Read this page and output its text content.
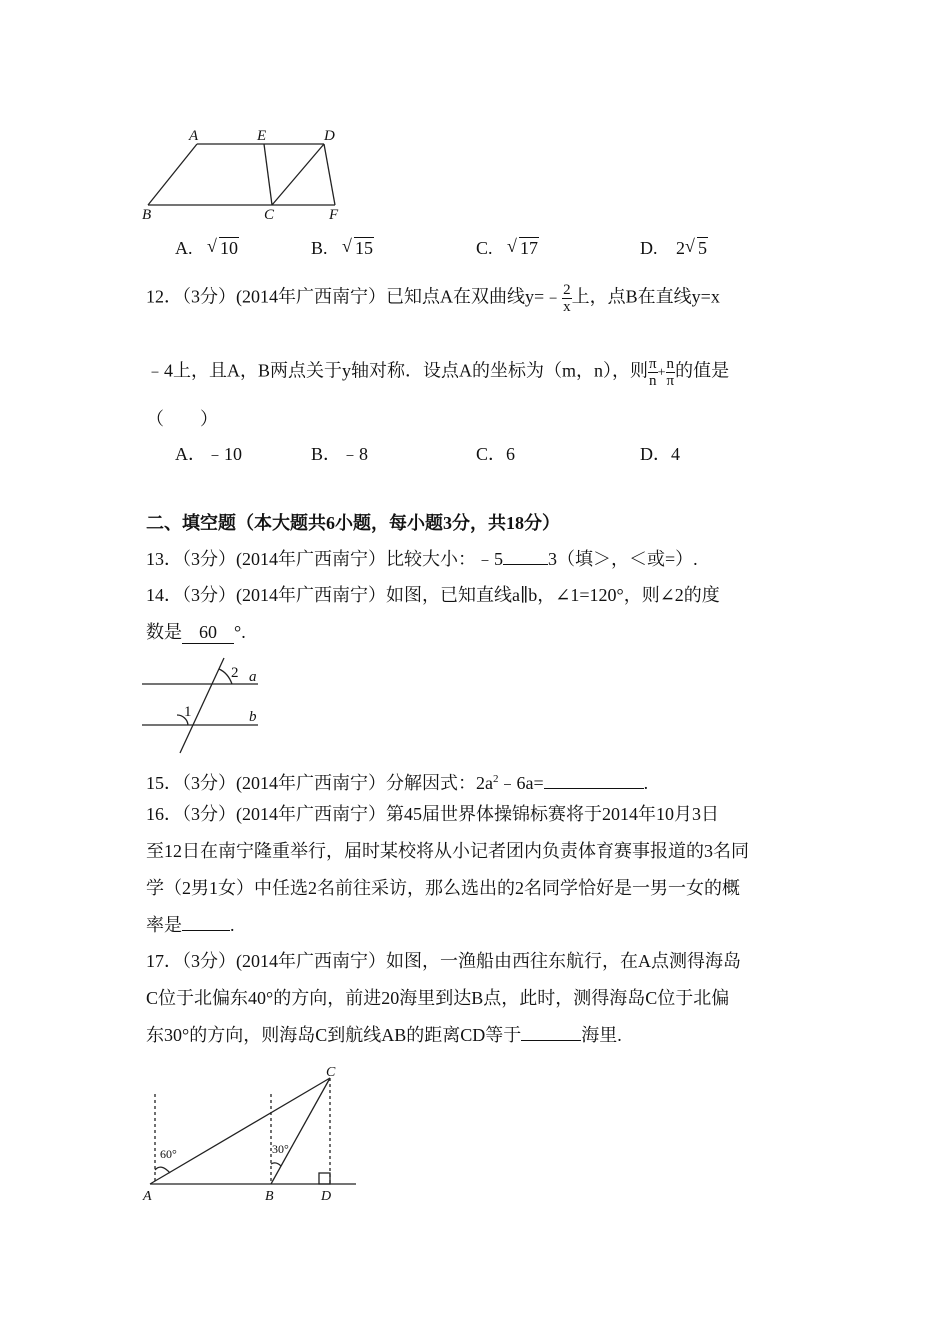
A	E	D
B	C	F
A. √ 10	B. √ 15	C. √ 17	D. 2 √ 5
12．（3分）(2014年广西南宁）已知点A在双曲线y=﹣ $\frac{2}{x}$ 上，点B在直线y=x
﹣4上，且A，B两点关于y轴对称．设点A的坐标为（m，n），则 $\frac{\pi}{n} + \frac{n}{\pi}$ 的值是
（　　）
A．﹣10	B．﹣8	C．6	D．4
二、填空题（本大题共6小题，每小题3分，共18分）
13．（3分）(2014年广西南宁）比较大小：﹣5	3（填＞，＜或=）.
14．（3分）(2014年广西南宁）如图，已知直线a∥b，∠1=120°，则∠2的度
数是 60 °.
2 a
1	b
15．（3分）(2014年广西南宁）分解因式：$2a^2﹣6a=$	.
16．（3分）(2014年广西南宁）第45届世界体操锦标赛将于2014年10月3日
至12日在南宁隆重举行，届时某校将从小记者团内负责体育赛事报道的3名同
学（2男1女）中任选2名前往采访，那么选出的2名同学恰好是一男一女的概
率是	.
17．（3分）(2014年广西南宁）如图，一渔船由西往东航行，在A点测得海岛
C位于北偏东40°的方向，前进20海里到达B点，此时，测得海岛C位于北偏
东30°的方向，则海岛C到航线AB的距离CD等于	海里.
C
60°	30°
A	B	D
